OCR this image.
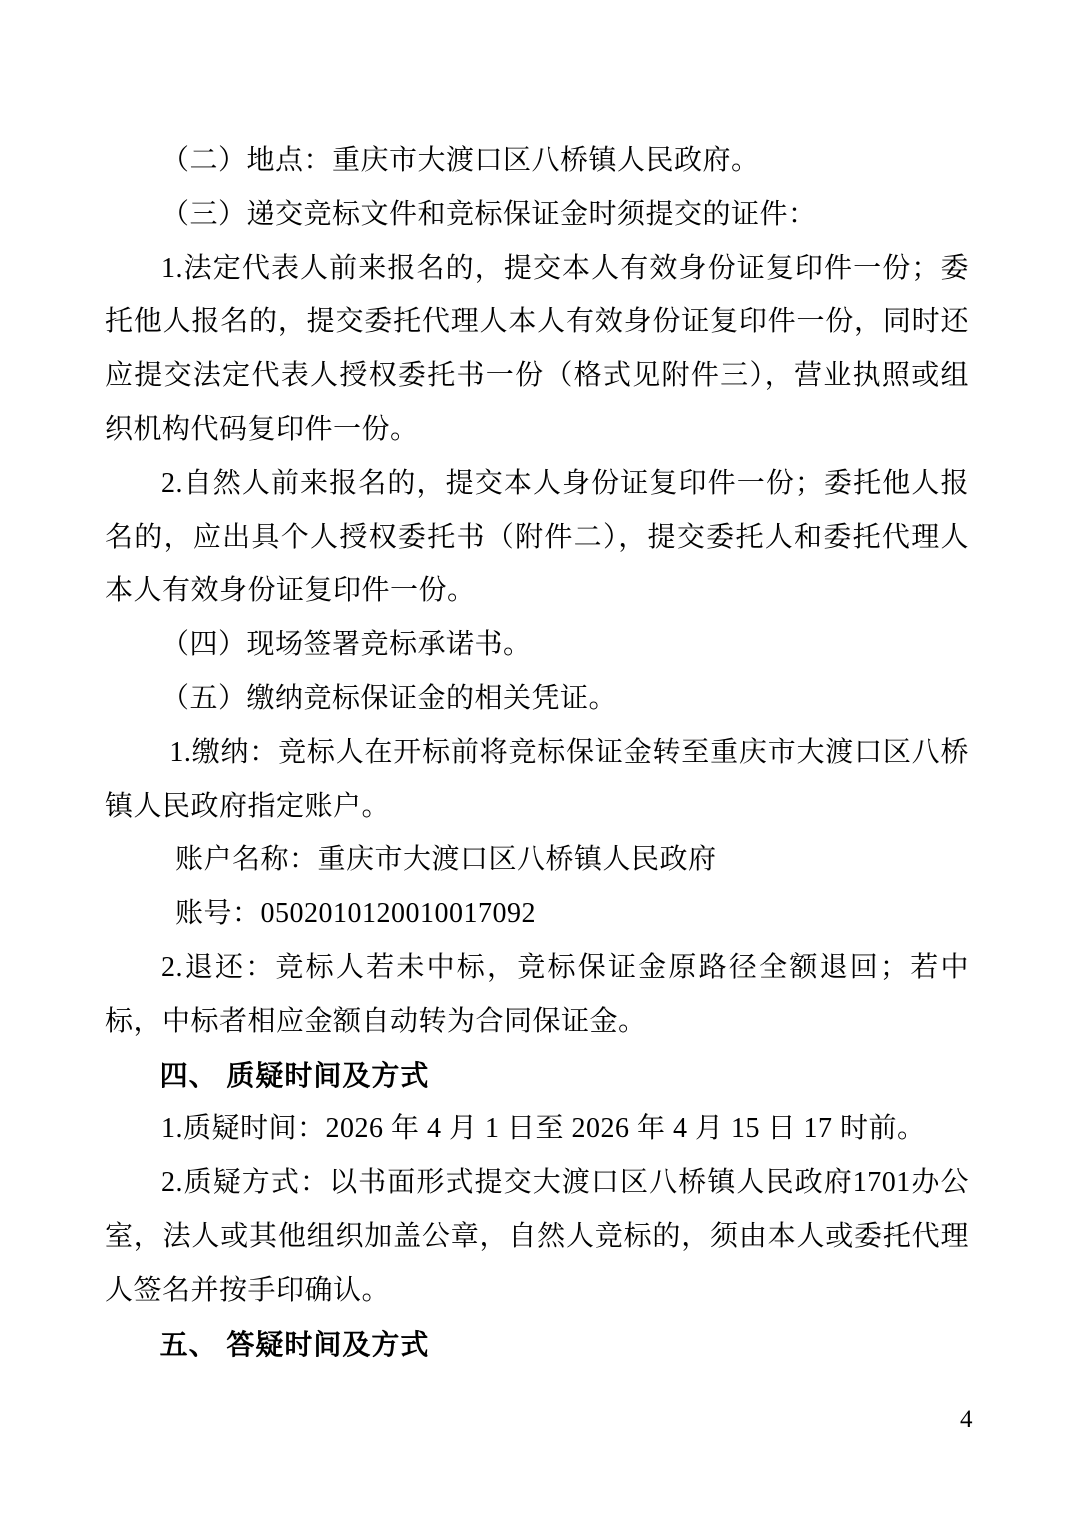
（二）地点：重庆市大渡口区八桥镇人民政府。

（三）递交竞标文件和竞标保证金时须提交的证件：

1.法定代表人前来报名的，提交本人有效身份证复印件一份；委托他人报名的，提交委托代理人本人有效身份证复印件一份，同时还应提交法定代表人授权委托书一份（格式见附件三），营业执照或组织机构代码复印件一份。

2.自然人前来报名的，提交本人身份证复印件一份；委托他人报名的，应出具个人授权委托书（附件二），提交委托人和委托代理人本人有效身份证复印件一份。

（四）现场签署竞标承诺书。

（五）缴纳竞标保证金的相关凭证。

1.缴纳：竞标人在开标前将竞标保证金转至重庆市大渡口区八桥镇人民政府指定账户。

账户名称：重庆市大渡口区八桥镇人民政府

账号：0502010120010017092

2.退还：竞标人若未中标，竞标保证金原路径全额退回；若中标，中标者相应金额自动转为合同保证金。

四、 质疑时间及方式

1.质疑时间：2026 年 4 月 1 日至 2026 年 4 月 15 日 17 时前。

2.质疑方式：以书面形式提交大渡口区八桥镇人民政府1701办公室，法人或其他组织加盖公章，自然人竞标的，须由本人或委托代理人签名并按手印确认。

五、 答疑时间及方式

4
